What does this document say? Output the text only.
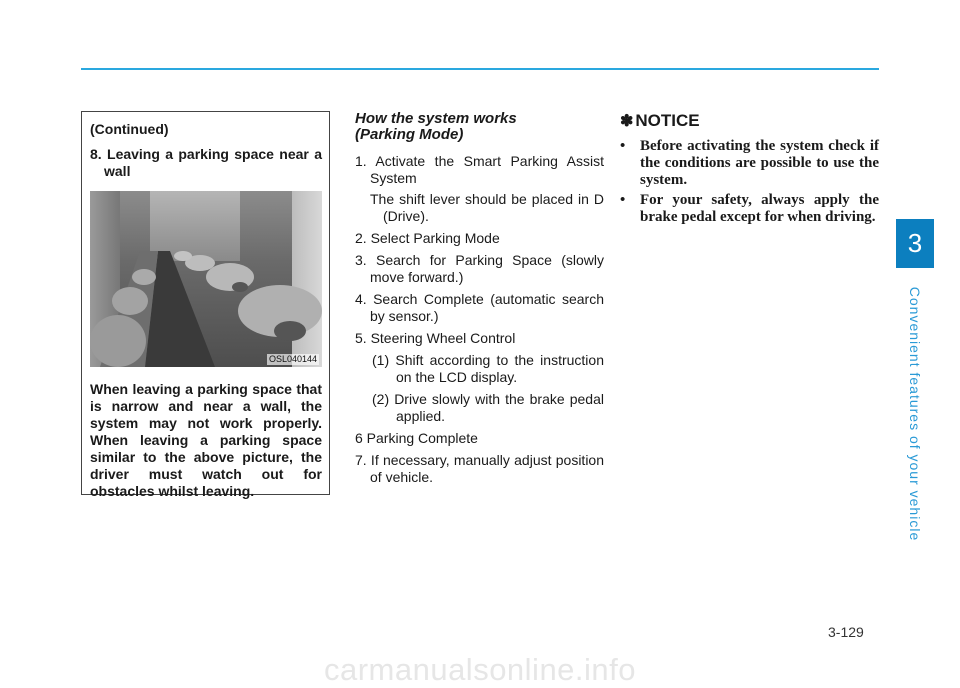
3
Convenient features of your vehicle

(Continued)

8. Leaving a parking space near a wall

OSL040144

When leaving a parking space that is narrow and near a wall, the system may not work properly. When leaving a parking space similar to the above picture, the driver must watch out for obstacles whilst leaving.

How the system works
(Parking Mode)

1. Activate the Smart Parking Assist System

The shift lever should be placed in D (Drive).

2. Select Parking Mode

3. Search for Parking Space (slowly move forward.)

4. Search Complete (automatic search by sensor.)

5. Steering Wheel Control

(1) Shift according to the instruction on the LCD display.

(2) Drive slowly with the brake pedal applied.

6 Parking Complete

7. If necessary, manually adjust position of vehicle.

✽ NOTICE

• Before activating the system check if the conditions are possible to use the system.

• For your safety, always apply the brake pedal except for when driving.

3-129
carmanualsonline.info
